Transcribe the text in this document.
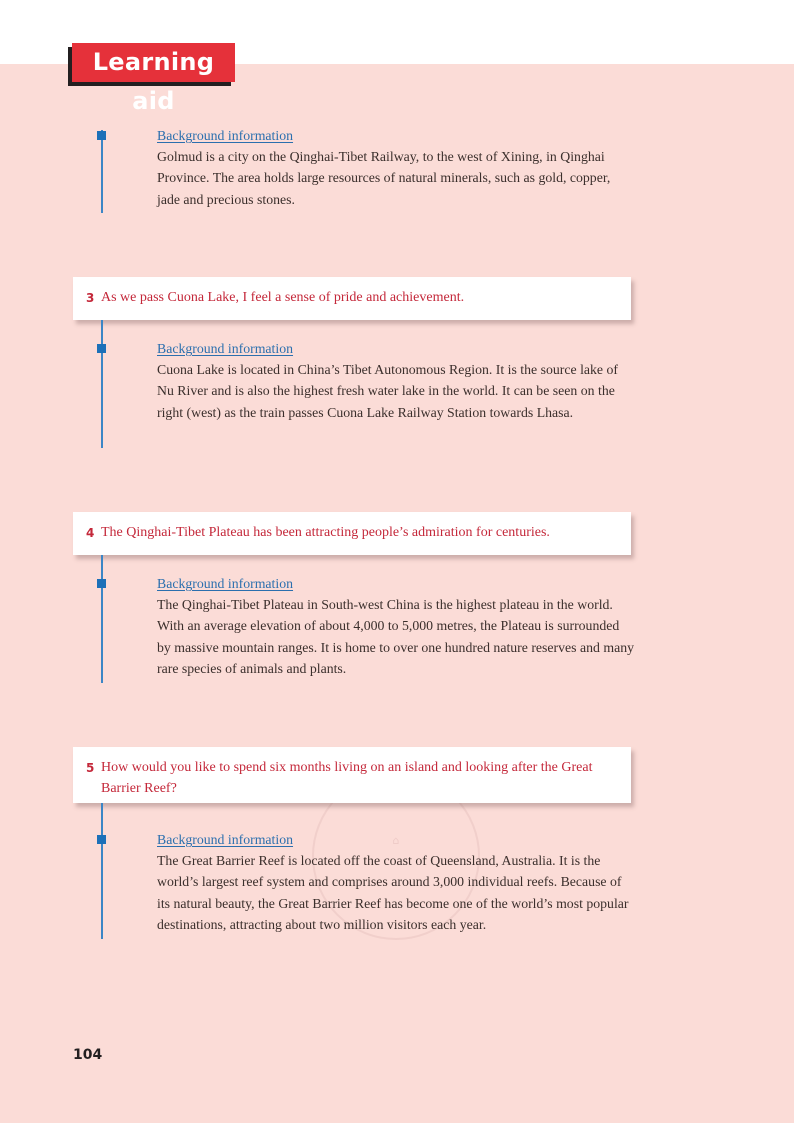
Learning aid
Background information

Golmud is a city on the Qinghai-Tibet Railway, to the west of Xining, in Qinghai Province. The area holds large resources of natural minerals, such as gold, copper, jade and precious stones.

3 As we pass Cuona Lake, I feel a sense of pride and achievement.
Background information

Cuona Lake is located in China’s Tibet Autonomous Region. It is the source lake of Nu River and is also the highest fresh water lake in the world. It can be seen on the right (west) as the train passes Cuona Lake Railway Station towards Lhasa.

4 The Qinghai-Tibet Plateau has been attracting people’s admiration for centuries.
Background information

The Qinghai-Tibet Plateau in South-west China is the highest plateau in the world. With an average elevation of about 4,000 to 5,000 metres, the Plateau is surrounded by massive mountain ranges. It is home to over one hundred nature reserves and many rare species of animals and plants.

⌂
5 How would you like to spend six months living on an island and looking after the Great Barrier Reef?
Background information

The Great Barrier Reef is located off the coast of Queensland, Australia. It is the world’s largest reef system and comprises around 3,000 individual reefs. Because of its natural beauty, the Great Barrier Reef has become one of the world’s most popular destinations, attracting about two million visitors each year.

104
